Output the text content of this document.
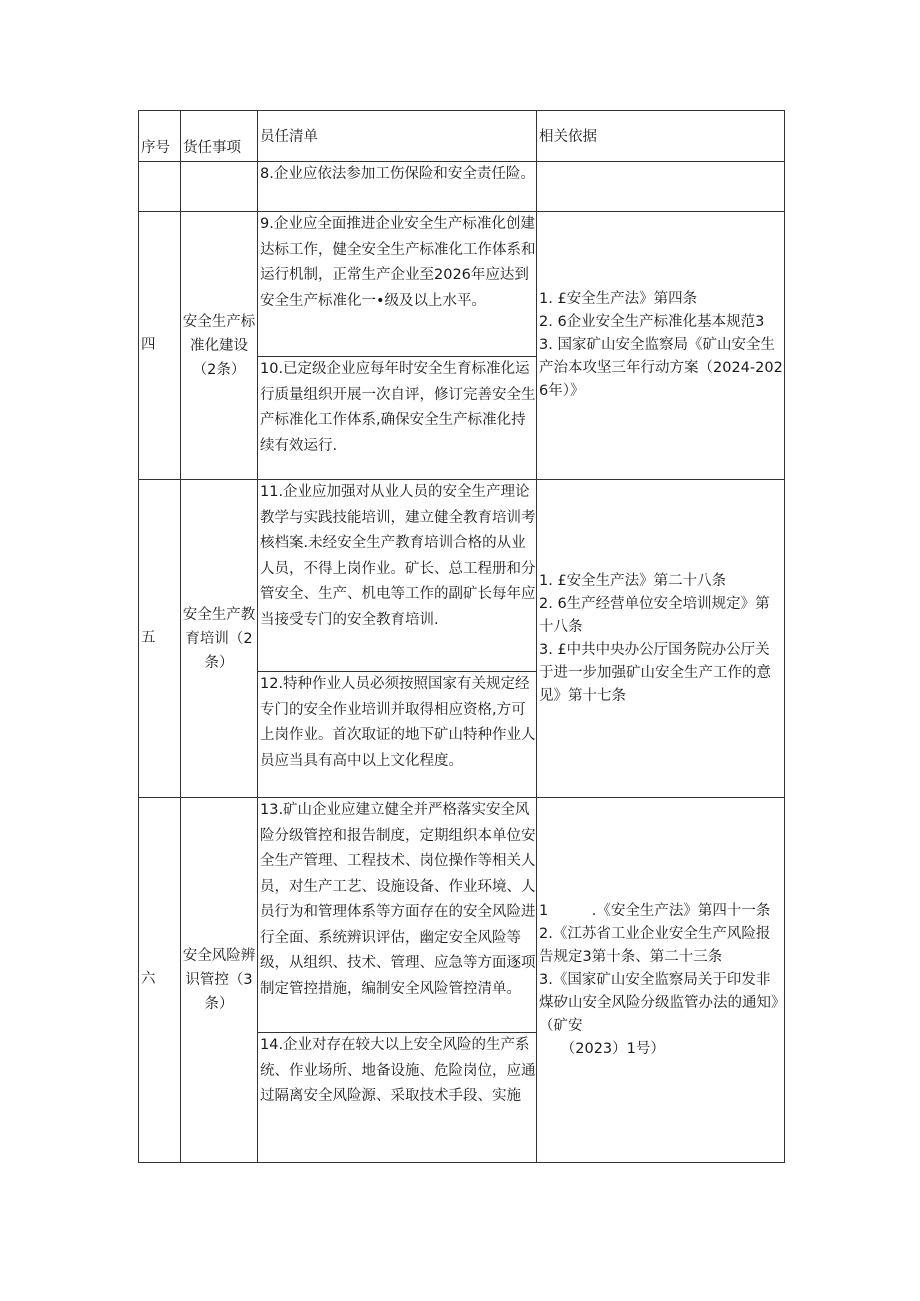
序号	货任事项	员任清单	相关依据
		8.企业应依法参加工伤保险和安全责任险。	
四	安全生产标准化建设（2条）	9.企业应全面推进企业安全生产标准化创建达标工作，健全安全生产标准化工作体系和运行机制，正常生产企业至2026年应达到安全生产标准化一•级及以上水平。	1. £安全生产法》第四条
2. 6企业安全生产标准化基本规范3
3. 国家矿山安全监察局《矿山安全生产治本攻坚三年行动方案（2024-2026年）》

		10.已定级企业应每年时安全生育标准化运行质量组织开展一次自评，修订完善安全生产标准化工作体系,确保安全生产标准化持续有效运行.	
五	安全生产教育培训（2条）	11.企业应加强对从业人员的安全生产理论教学与实践技能培训，建立健全教育培训考核档案.未经安全生产教育培训合格的从业人员，不得上岗作业。矿长、总工程册和分管安全、生产、机电等工作的副矿长每年应当接受专门的安全教育培训.	1. £安全生产法》第二十八条
2. 6生产经营单位安全培训规定》第十八条
3. £中共中央办公厅国务院办公厅关于进一步加强矿山安全生产工作的意见》第十七条

		12.特种作业人员必须按照国家有关规定经专门的安全作业培训并取得相应资格,方可上岗作业。首次取证的地下矿山特种作业人员应当具有高中以上文化程度。	
六	安全风险辨识管控（3条）	13.矿山企业应建立健全并严格落实安全风险分级管控和报告制度，定期组织本单位安全生产管理、工程技术、岗位操作等相关人员，对生产工艺、设施设备、作业环境、人员行为和管理体系等方面存在的安全风险进行全面、系统辨识评估，幽定安全风险等级，从组织、技术、管理、应急等方面逐项制定管控措施，编制安全风险管控清单。	1　　　.《安全生产法》第四十一条
2.《江苏省工业企业安全生产风险报告规定3第十条、第二十三条
3.《国家矿山安全监察局关于印发非煤矽山安全风险分级监管办法的通知》（矿安
　　（2023）1号）

		14.企业对存在较大以上安全风险的生产系统、作业场所、地备设施、危险岗位，应通过隔离安全风险源、采取技术手段、实施	
